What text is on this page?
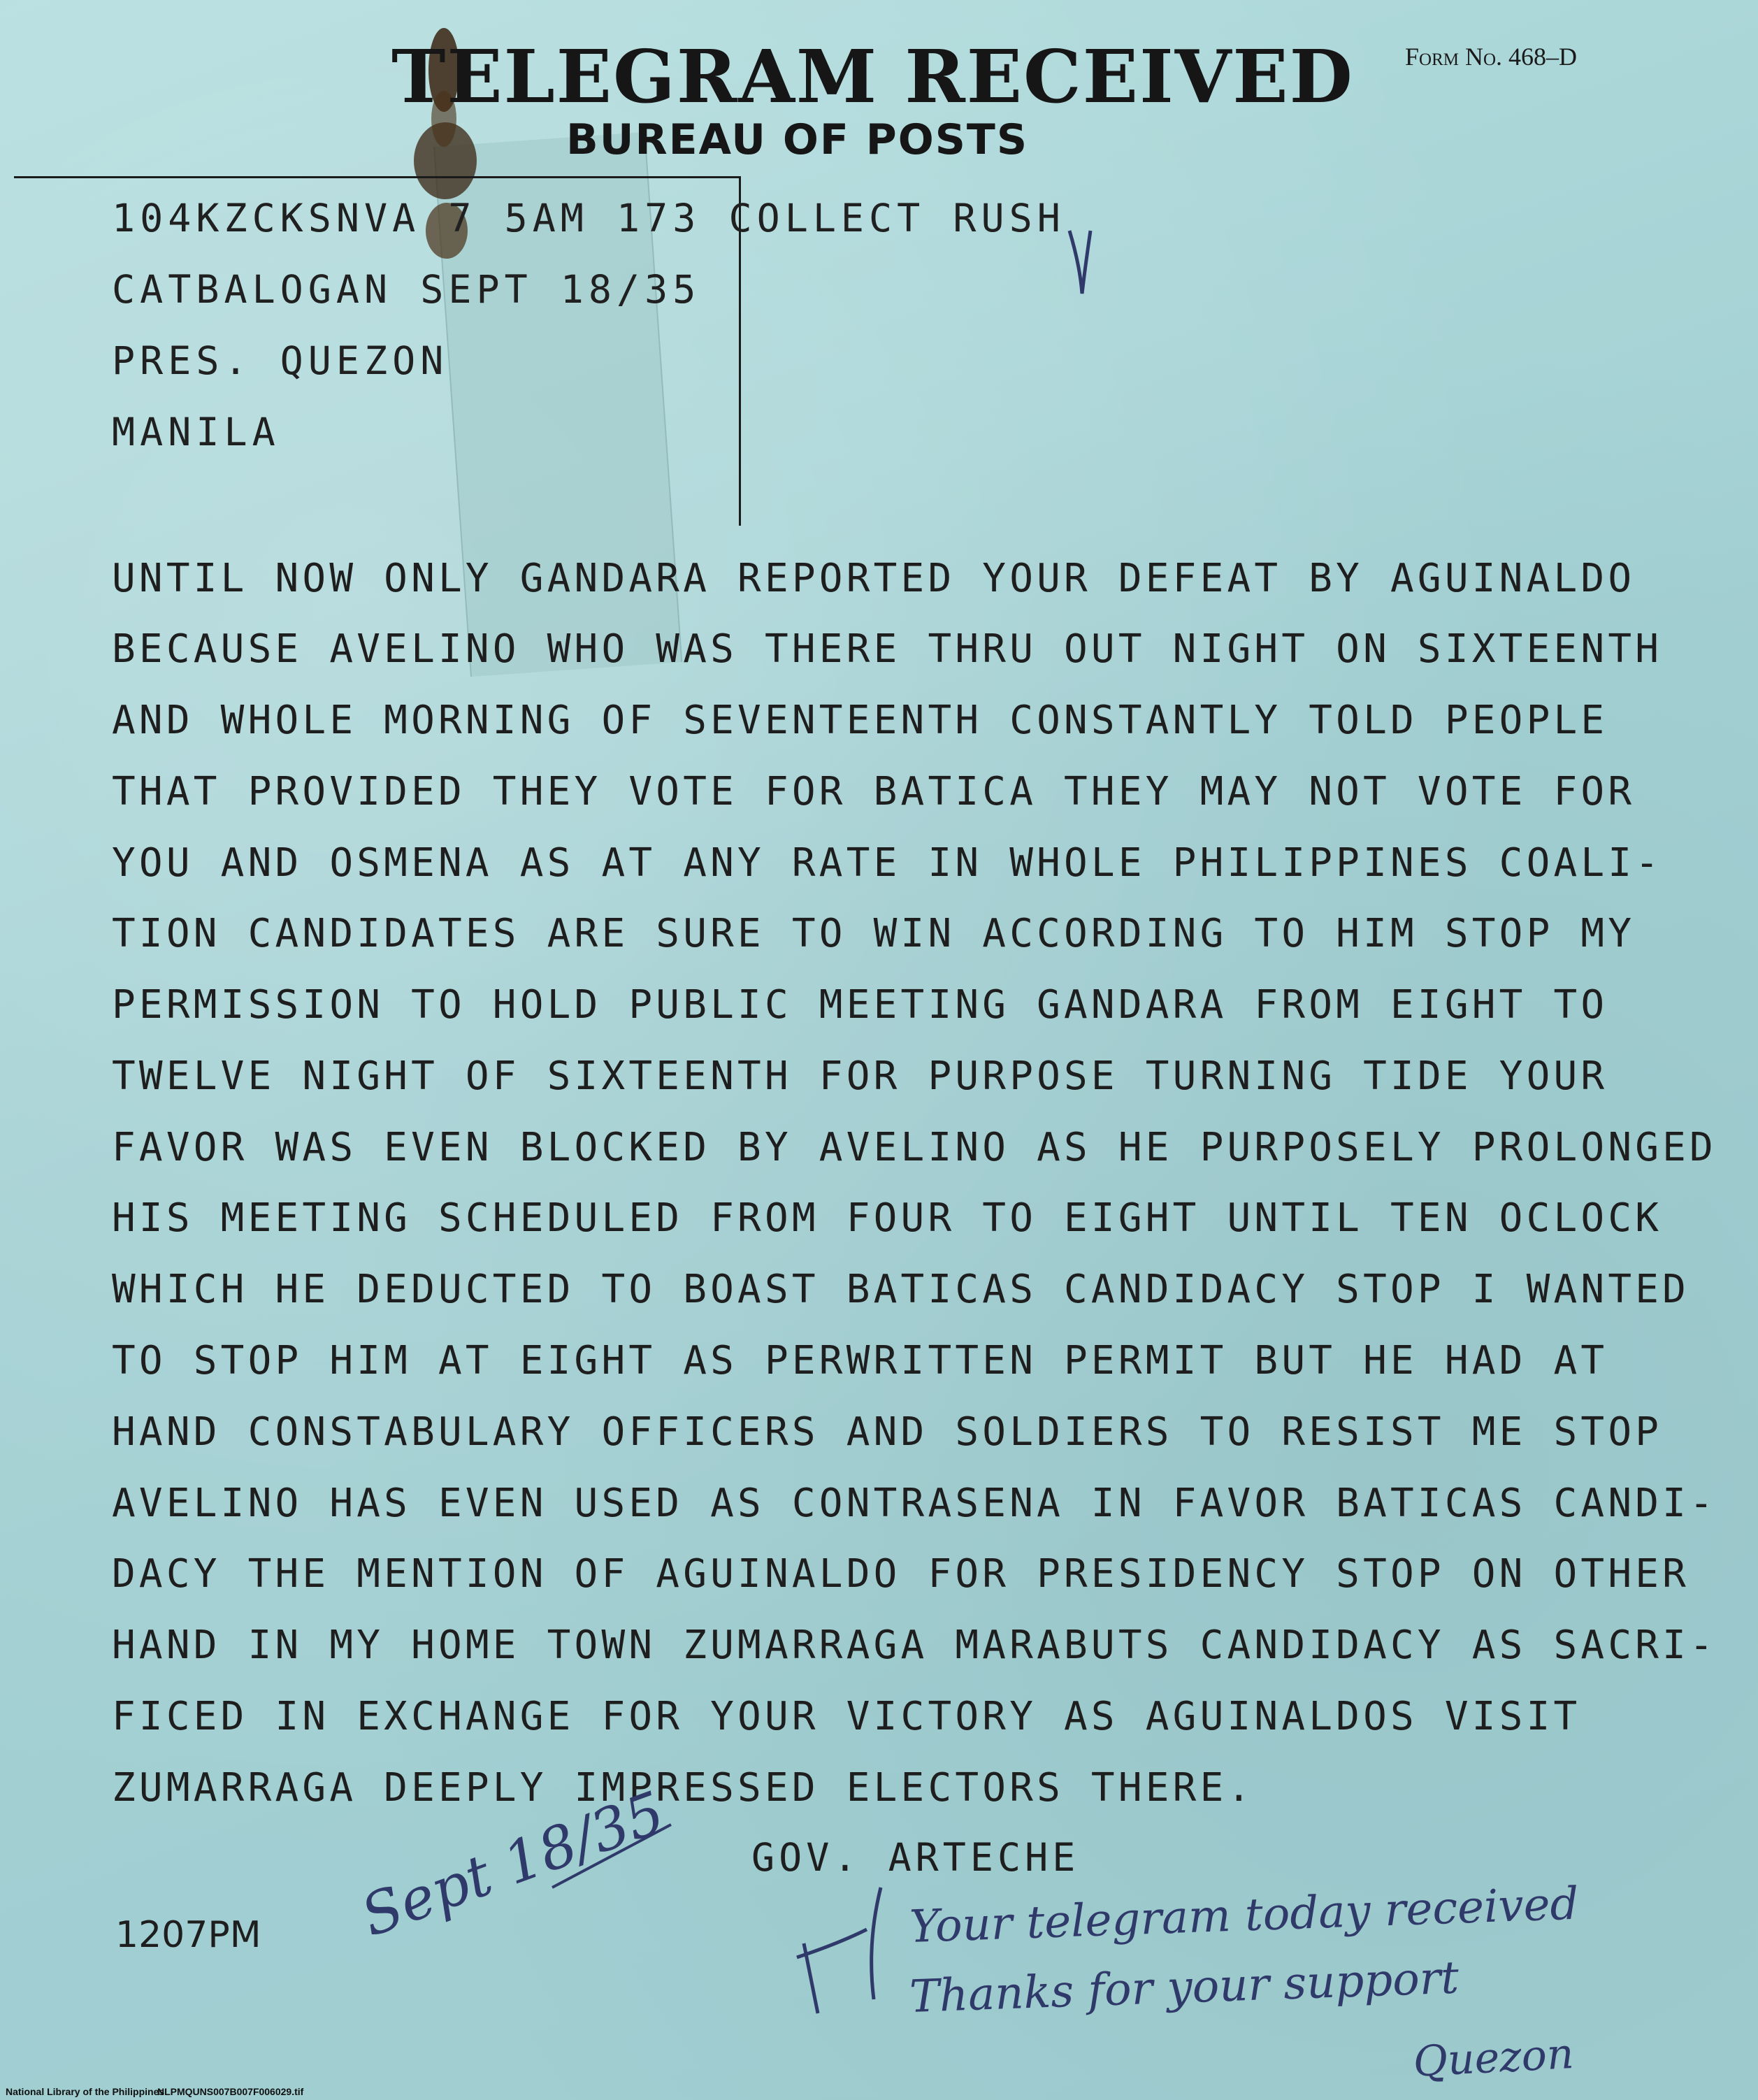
TELEGRAM RECEIVED Form No. 468–D
BUREAU OF POSTS
104KZCKSNVA 7 5AM 173 COLLECT RUSH
CATBALOGAN SEPT 18/35
PRES. QUEZON
MANILA
UNTIL NOW ONLY GANDARA REPORTED YOUR DEFEAT BY AGUINALDO
BECAUSE AVELINO WHO WAS THERE THRU OUT NIGHT ON SIXTEENTH
AND WHOLE MORNING OF SEVENTEENTH CONSTANTLY TOLD PEOPLE
THAT PROVIDED THEY VOTE FOR BATICA THEY MAY NOT VOTE FOR
YOU AND OSMENA AS AT ANY RATE IN WHOLE PHILIPPINES COALI-
TION CANDIDATES ARE SURE TO WIN ACCORDING TO HIM STOP MY
PERMISSION TO HOLD PUBLIC MEETING GANDARA FROM EIGHT TO
TWELVE NIGHT OF SIXTEENTH FOR PURPOSE TURNING TIDE YOUR
FAVOR WAS EVEN BLOCKED BY AVELINO AS HE PURPOSELY PROLONGED
HIS MEETING SCHEDULED FROM FOUR TO EIGHT UNTIL TEN OCLOCK
WHICH HE DEDUCTED TO BOAST BATICAS CANDIDACY STOP I WANTED
TO STOP HIM AT EIGHT AS PERWRITTEN PERMIT BUT HE HAD AT
HAND CONSTABULARY OFFICERS AND SOLDIERS TO RESIST ME STOP
AVELINO HAS EVEN USED AS CONTRASENA IN FAVOR BATICAS CANDI-
DACY THE MENTION OF AGUINALDO FOR PRESIDENCY STOP ON OTHER
HAND IN MY HOME TOWN ZUMARRAGA MARABUTS CANDIDACY AS SACRI-
FICED IN EXCHANGE FOR YOUR VICTORY AS AGUINALDOS VISIT
ZUMARRAGA DEEPLY IMPRESSED ELECTORS THERE.
GOV. ARTECHE
1207PM Sept 18/35	Your telegram today received
Thanks for your support
Quezon
National Library of the Philippines
NLPMQUNS007B007F006029.tif
